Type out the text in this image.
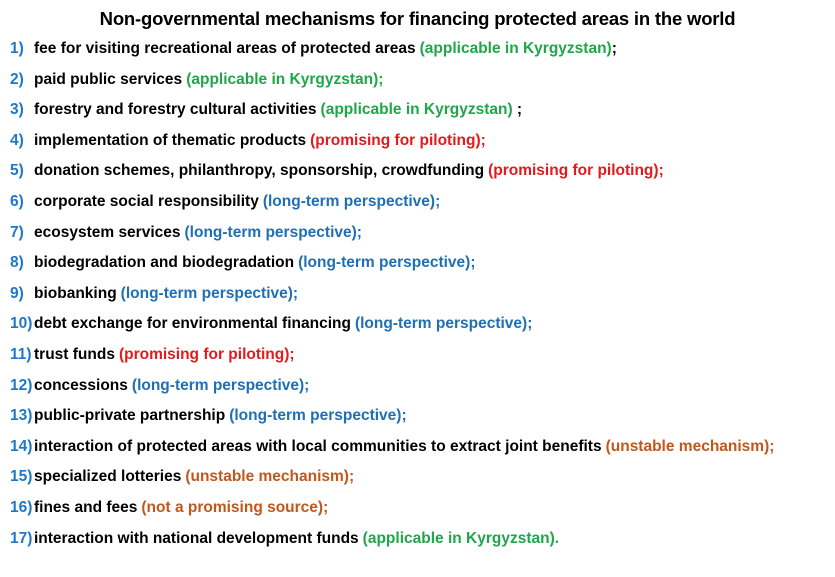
Non-governmental mechanisms for financing protected areas in the world
1) fee for visiting recreational areas of protected areas (applicable in Kyrgyzstan) ;
2) paid public services (applicable in Kyrgyzstan);
3) forestry and forestry cultural activities (applicable in Kyrgyzstan) ;
4) implementation of thematic products (promising for piloting);
5) donation schemes, philanthropy, sponsorship, crowdfunding (promising for piloting);
6) corporate social responsibility (long-term perspective);
7) ecosystem services (long-term perspective);
8) biodegradation and biodegradation (long-term perspective);
9) biobanking (long-term perspective);
10) debt exchange for environmental financing (long-term perspective);
11) trust funds (promising for piloting);
12) concessions (long-term perspective);
13) public-private partnership (long-term perspective);
14) interaction of protected areas with local communities to extract joint benefits (unstable mechanism);
15) specialized lotteries (unstable mechanism);
16) fines and fees (not a promising source);
17) interaction with national development funds (applicable in Kyrgyzstan).
